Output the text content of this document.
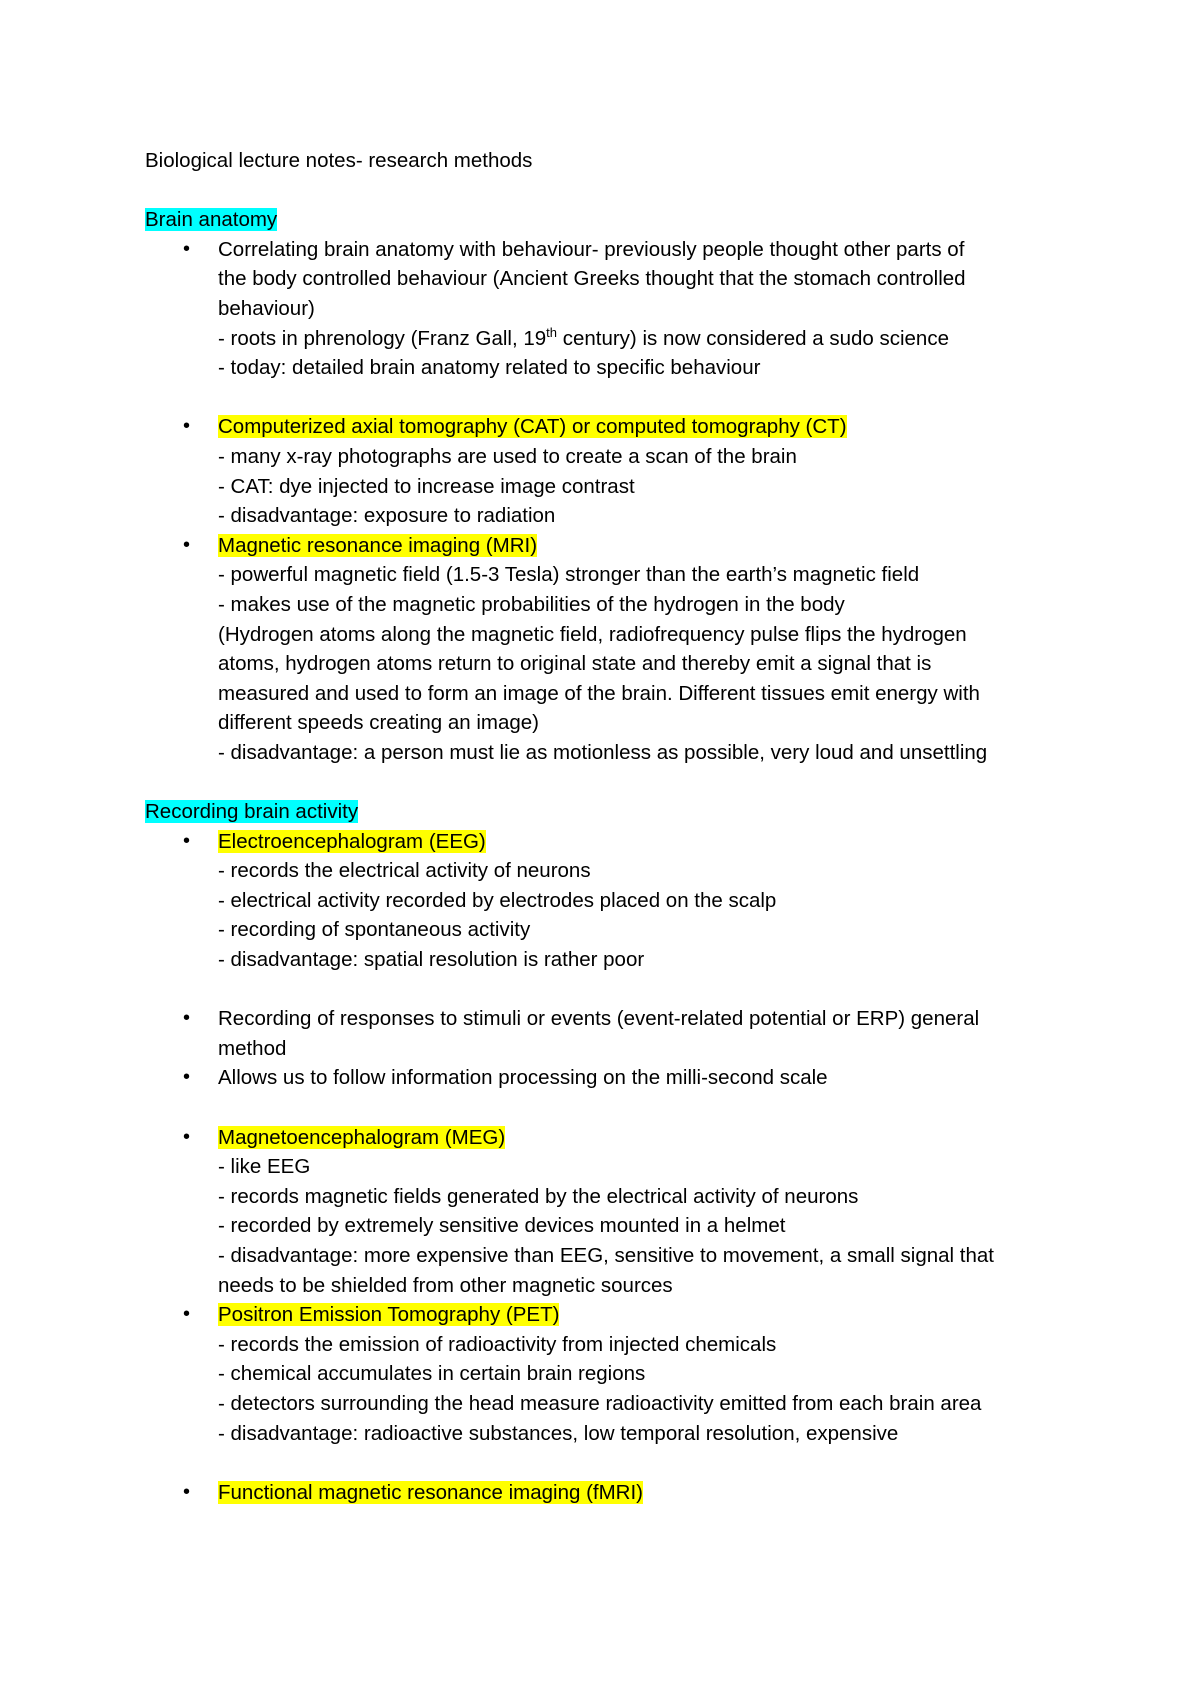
Biological lecture notes- research methods
Brain anatomy
• Correlating brain anatomy with behaviour- previously people thought other parts of
the body controlled behaviour (Ancient Greeks thought that the stomach controlled
behaviour)
- roots in phrenology (Franz Gall, 19th century) is now considered a sudo science
- today: detailed brain anatomy related to specific behaviour
• Computerized axial tomography (CAT) or computed tomography (CT)
- many x-ray photographs are used to create a scan of the brain
- CAT: dye injected to increase image contrast
- disadvantage: exposure to radiation
• Magnetic resonance imaging (MRI)
- powerful magnetic field (1.5-3 Tesla) stronger than the earth’s magnetic field
- makes use of the magnetic probabilities of the hydrogen in the body
(Hydrogen atoms along the magnetic field, radiofrequency pulse flips the hydrogen
atoms, hydrogen atoms return to original state and thereby emit a signal that is
measured and used to form an image of the brain. Different tissues emit energy with
different speeds creating an image)
- disadvantage: a person must lie as motionless as possible, very loud and unsettling
Recording brain activity
• Electroencephalogram (EEG)
- records the electrical activity of neurons
- electrical activity recorded by electrodes placed on the scalp
- recording of spontaneous activity
- disadvantage: spatial resolution is rather poor
• Recording of responses to stimuli or events (event-related potential or ERP) general
method
• Allows us to follow information processing on the milli-second scale
• Magnetoencephalogram (MEG)
- like EEG
- records magnetic fields generated by the electrical activity of neurons
- recorded by extremely sensitive devices mounted in a helmet
- disadvantage: more expensive than EEG, sensitive to movement, a small signal that
needs to be shielded from other magnetic sources
• Positron Emission Tomography (PET)
- records the emission of radioactivity from injected chemicals
- chemical accumulates in certain brain regions
- detectors surrounding the head measure radioactivity emitted from each brain area
- disadvantage: radioactive substances, low temporal resolution, expensive
• Functional magnetic resonance imaging (fMRI)
